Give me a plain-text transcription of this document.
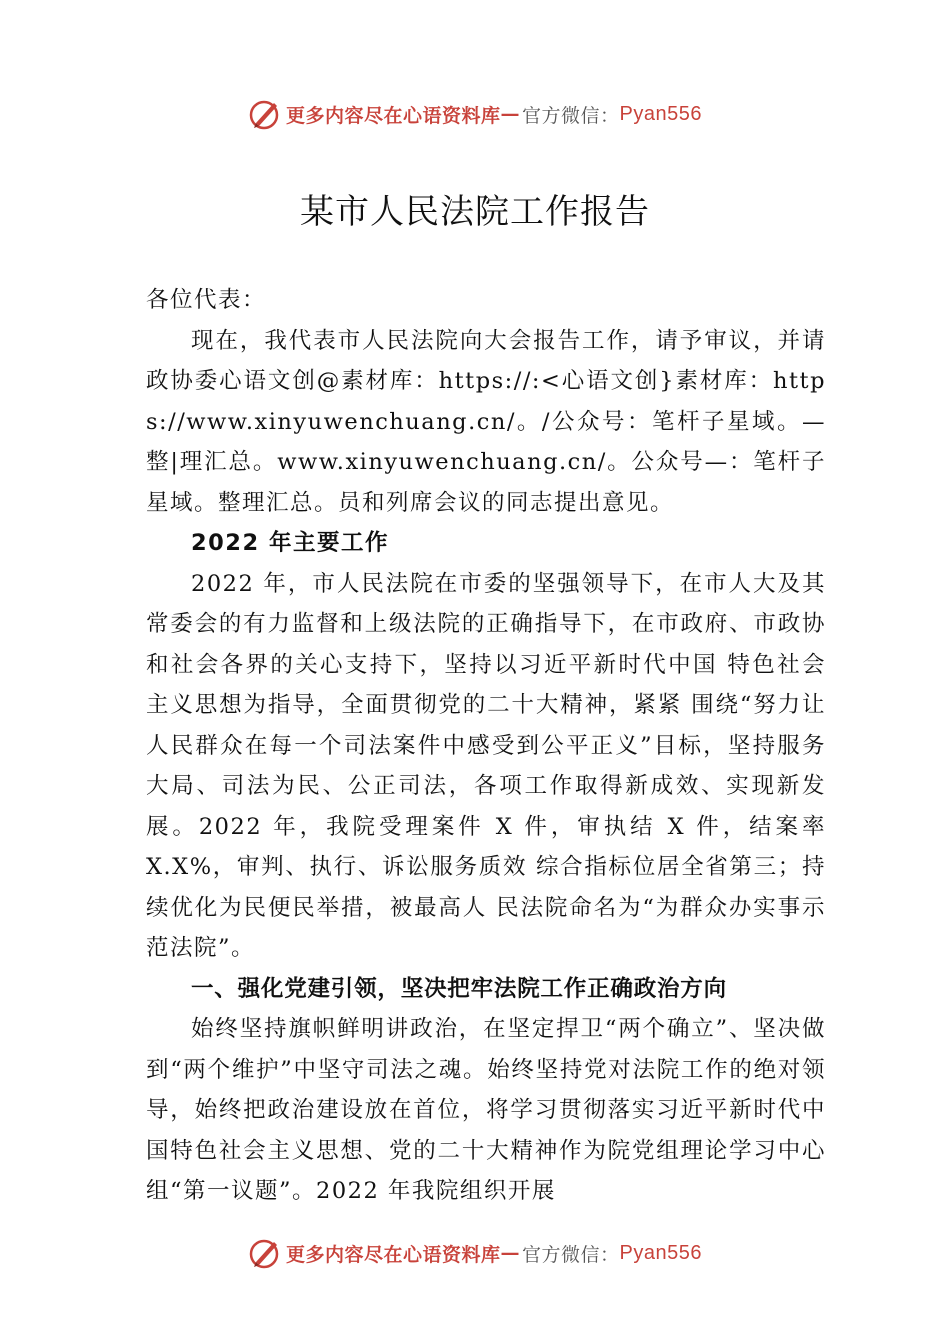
更多内容尽在心语资料库 — 官方微信： Pyan556
某市人民法院工作报告

各位代表：

现在，我代表市人民法院向大会报告工作，请予审议，并请政协委心语文创@素材库：https://:<心语文创}素材库：https://www.xinyuwenchuang.cn/。/公众号：笔杆子星域。—整|理汇总。www.xinyuwenchuang.cn/。公众号—：笔杆子星域。整理汇总。员和列席会议的同志提出意见。

2022 年主要工作

2022 年，市人民法院在市委的坚强领导下，在市人大及其常委会的有力监督和上级法院的正确指导下，在市政府、市政协和社会各界的关心支持下，坚持以习近平新时代中国 特色社会主义思想为指导，全面贯彻党的二十大精神，紧紧 围绕“努力让人民群众在每一个司法案件中感受到公平正义”目标，坚持服务大局、司法为民、公正司法，各项工作取得新成效、实现新发展。2022 年，我院受理案件 X 件，审执结 X 件，结案率 X.X%，审判、执行、诉讼服务质效 综合指标位居全省第三；持续优化为民便民举措，被最高人 民法院命名为“为群众办实事示范法院”。

一、强化党建引领，坚决把牢法院工作正确政治方向

始终坚持旗帜鲜明讲政治，在坚定捍卫“两个确立”、坚决做到“两个维护”中坚守司法之魂。始终坚持党对法院工作的绝对领导，始终把政治建设放在首位，将学习贯彻落实习近平新时代中国特色社会主义思想、党的二十大精神作为院党组理论学习中心组“第一议题”。2022 年我院组织开展

更多内容尽在心语资料库 — 官方微信： Pyan556
